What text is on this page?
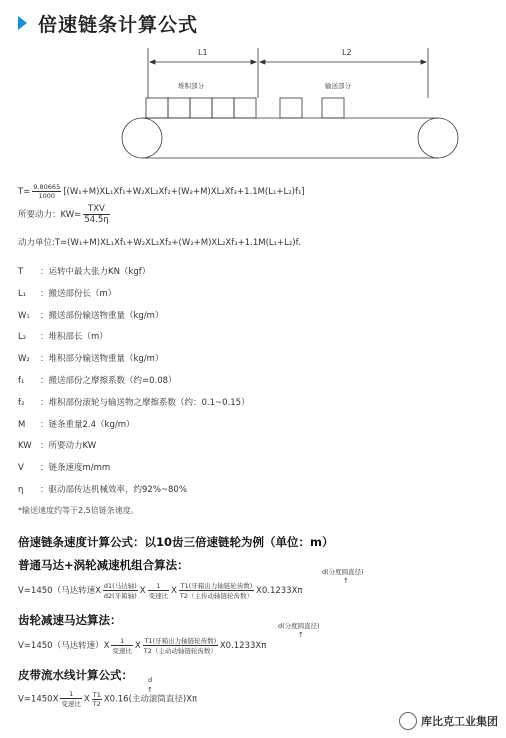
倍速链条计算公式
L1	L2
堆积部分	输送部分
$T= \frac{9.80665}{1000} [(W_1+M)XL_1Xf_1+W_2XL_2Xf_2+(W_2+M)XL_2Xf_3+1.1M(L_1+L_2)f_1]$
所要动力：$KW= \frac{\text{TXV}}{54.5\eta}$
动力单位:T=(W₁+M)XL₁Xf₁+W₂XL₂Xf₂+(W₂+M)XL₂Xf₃+1.1M(L₁+L₂)f.
T ：运转中最大张力KN（kgf）
L₁ ：搬送部份长（m）
W₁ ：搬送部份输送物重量（kg/m）
L₂ ：堆积部长（m）
W₂ ：堆积部分输送物重量（kg/m）
f₁ ：搬送部份之摩擦系数（约=0.08）
f₂ ：堆积部份滚轮与输送物之摩擦系数（约：0.1~0.15）
M ：链条重量2.4（kg/m）
KW ：所要动力KW
V ：链条速度m/mm
η ：驱动部传达机械效率，约92%~80%
*输送速度约等于2.5倍链条速度。
倍速链条速度计算公式：以10齿三倍速链轮为例（单位：m）
普通马达+涡轮减速机组合算法：	d(分度圆直径)
↑
V=1450（马达转速X $\frac{\text{d1(马达轴)}}{\text{d2(牙箱轴)}}$ X $\frac{1}{\text{变速比}}$ X $\frac{\text{T1(牙箱出力轴链轮齿数)}}{\text{T2（主传动轴链轮齿数）}} X0.1233X\pi$
齿轮减速马达算法：	d(分度圆直径)
↑
V=1450（马达转速）$X \frac{1}{\text{变速比}}$ X $\frac{\text{T1(牙箱出力轴链轮齿数)}}{\text{T2（主动动轴链轮齿数）}} X0.1233X\pi$
皮带流水线计算公式： d
↑
$V=1450X \frac{1}{\text{变速比}}$ X $\frac{T1}{T2} X0.16$(主动滚筒直径)Xπ
库比克工业集团
